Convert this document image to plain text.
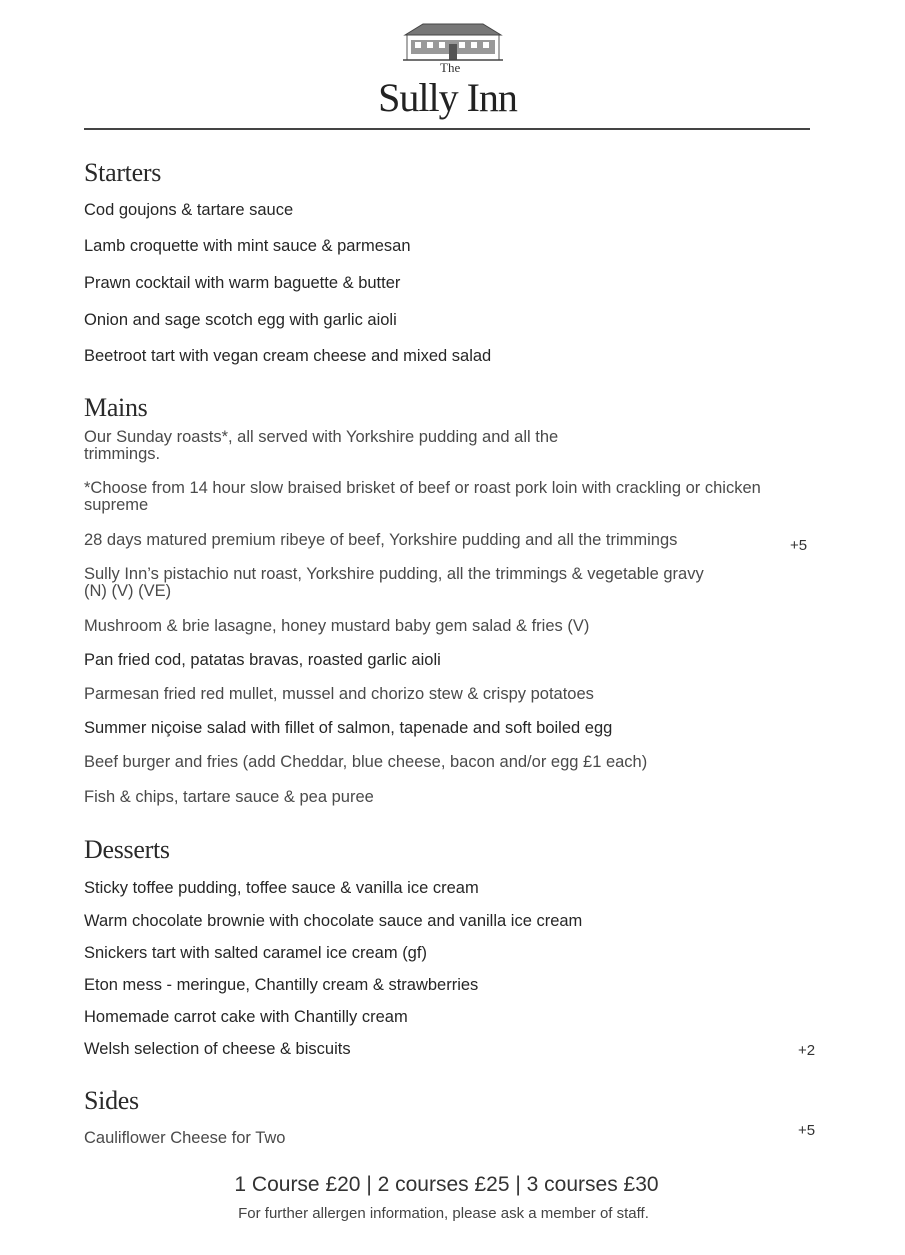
The
Sully Inn
Starters
Cod goujons & tartare sauce
Lamb croquette with mint sauce & parmesan
Prawn cocktail with warm baguette & butter
Onion and sage scotch egg with garlic aioli
Beetroot tart with vegan cream cheese and mixed salad
Mains
Our Sunday roasts*, all served with Yorkshire pudding and all the trimmings.
*Choose from 14 hour slow braised brisket of beef or roast pork loin with crackling or chicken supreme
28 days matured premium ribeye of beef, Yorkshire pudding and all the trimmings	+5
Sully Inn’s pistachio nut roast, Yorkshire pudding, all the trimmings & vegetable gravy (N) (V) (VE)
Mushroom & brie lasagne, honey mustard baby gem salad & fries (V)
Pan fried cod, patatas bravas, roasted garlic aioli
Parmesan fried red mullet, mussel and chorizo stew & crispy potatoes
Summer niçoise salad with fillet of salmon, tapenade and soft boiled egg
Beef burger and fries (add Cheddar, blue cheese, bacon and/or egg £1 each)
Fish & chips, tartare sauce & pea puree
Desserts
Sticky toffee pudding, toffee sauce & vanilla ice cream
Warm chocolate brownie with chocolate sauce and vanilla ice cream
Snickers tart with salted caramel ice cream (gf)
Eton mess - meringue, Chantilly cream & strawberries
Homemade carrot cake with Chantilly cream
Welsh selection of cheese & biscuits	+2
Sides
Cauliflower Cheese for Two	+5
1 Course £20 | 2 courses £25 | 3 courses £30
For further allergen information, please ask a member of staff.
